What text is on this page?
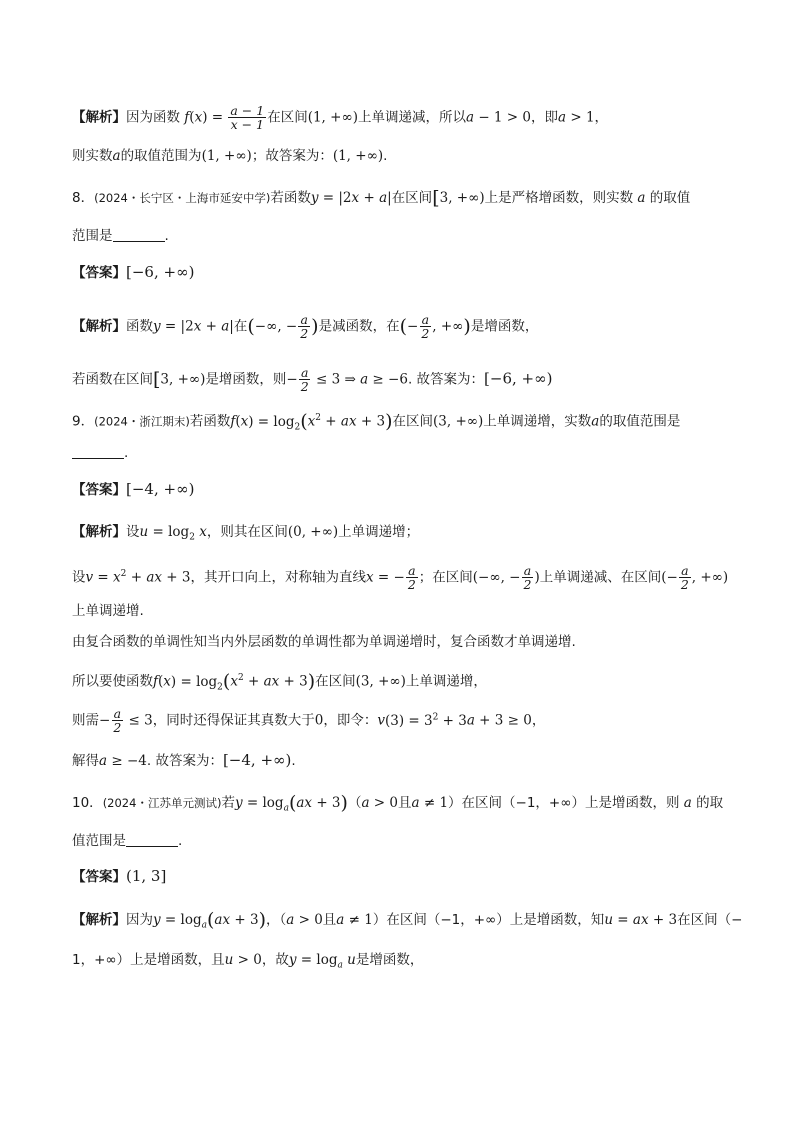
【解析】因为函数 $f(x) = \frac{a - 1}{x - 1}$ 在区间(1, +∞)上单调递减，所以a − 1 > 0，即a > 1，
则实数a的取值范围为(1, +∞)；故答案为：(1, +∞).
8．(2024・长宁区・上海市延安中学)若函数y = |2x + a|在区间[3, +∞)上是严格增函数，则实数 a 的取值
范围是	.
【答案】[−6, +∞)
【解析】函数y = |2x + a|在(−∞, − $\frac{a}{2}$ )是减函数，在(− $\frac{a}{2}$ , +∞)是增函数，
若函数在区间[3, +∞)是增函数，则− $\frac{a}{2} \le 3$ ⇒ a ≥ −6. 故答案为：[−6, +∞)
9．(2024・浙江期末)若函数$f(x) = \log_2(x^2$ + ax + 3)在区间(3, +∞)上单调递增，实数a的取值范围是
.
【答案】[−4, +∞)
【解析】设$u = \log_2 x$，则其在区间(0, +∞)上单调递增；
设$v = x^2$ + ax + 3，其开口向上，对称轴为直线x = − $\frac{a}{2}$ ；在区间(−∞, − $\frac{a}{2}$ )上单调递减、在区间(− $\frac{a}{2}$ , +∞)
上单调递增.
由复合函数的单调性知当内外层函数的单调性都为单调递增时，复合函数才单调递增.
所以要使函数$f(x) = \log_2(x^2$ + ax + 3)在区间(3, +∞)上单调递增，
则需− $\frac{a}{2} \le 3$，同时还得保证其真数大于0，即令：$v(3) = 3^2 + 3a + 3 \ge 0$，
解得a ≥ −4. 故答案为：[−4, +∞).
10．(2024・江苏单元测试)若$y = \log_a(ax + 3)(a > 0$且a ≠ 1）在区间（−1，+∞）上是增函数，则 a 的取
值范围是	.
【答案】(1, 3]
【解析】因为$y = \log_a(ax + 3)$，（a > 0且a ≠ 1）在区间（−1，+∞）上是增函数，知u = ax + 3在区间（−
1，+∞）上是增函数，且u > 0，故$y = \log_a u$是增函数，
